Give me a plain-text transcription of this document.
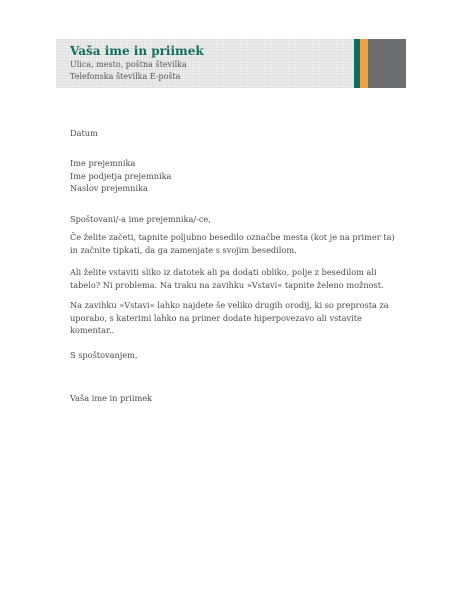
Vaša ime in priimek
Ulica, mesto, poštna številka
Telefonska številka E-pošta
Datum
Ime prejemnika
Ime podjetja prejemnika
Naslov prejemnika
Spoštovani/-a ime prejemnika/-ce,
Če želite začeti, tapnite poljubno besedilo označbe mesta (kot je na primer ta) in začnite tipkati, da ga zamenjate s svojim besedilom.
Ali želite vstaviti sliko iz datotek ali pa dodati obliko, polje z besedilom ali tabelo? Ni problema. Na traku na zavihku »Vstavi« tapnite želeno možnost.
Na zavihku »Vstavi« lahko najdete še veliko drugih orodij, ki so preprosta za uporabo, s katerimi lahko na primer dodate hiperpovezavo ali vstavite komentar..
S spoštovanjem,
Vaša ime in priimek
